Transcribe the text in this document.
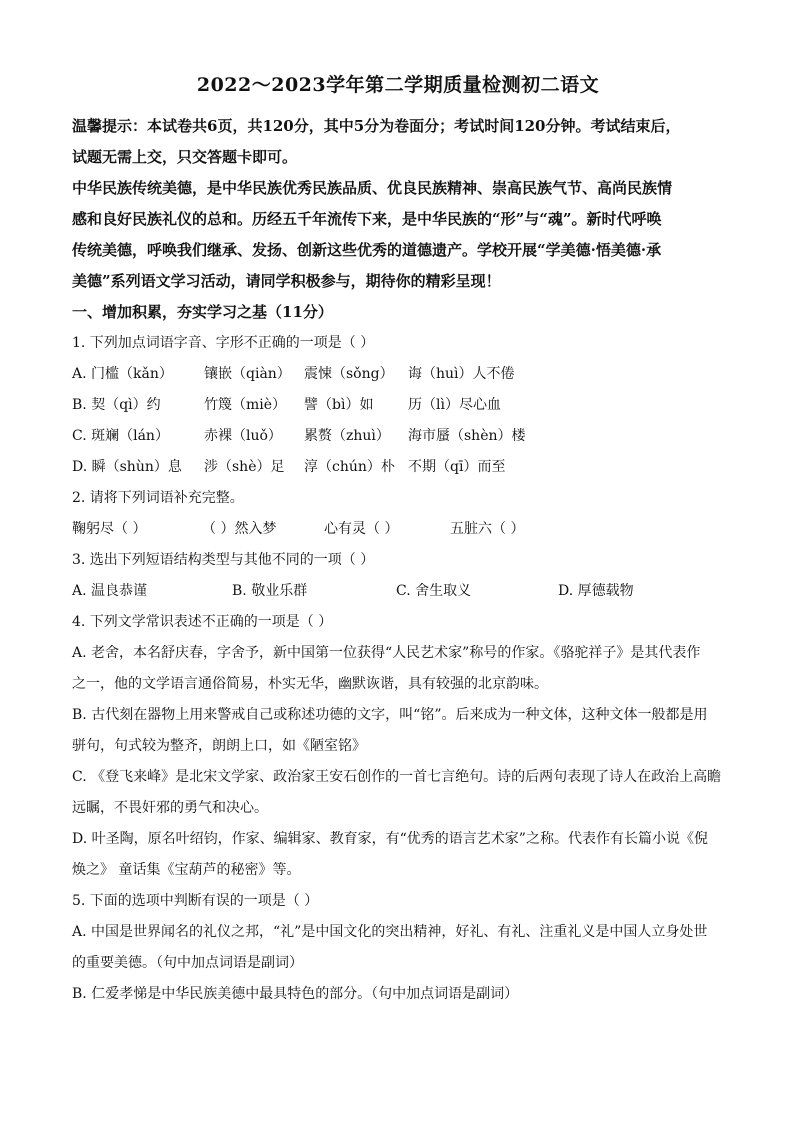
2022～2023学年第二学期质量检测初二语文

温馨提示：本试卷共6页，共120分，其中5分为卷面分；考试时间120分钟。考试结束后，

试题无需上交，只交答题卡即可。

中华民族传统美德，是中华民族优秀民族品质、优良民族精神、崇高民族气节、高尚民族情

感和良好民族礼仪的总和。历经五千年流传下来，是中华民族的“形”与“魂”。新时代呼唤

传统美德，呼唤我们继承、发扬、创新这些优秀的道德遗产。学校开展“学美德·悟美德·承

美德”系列语文学习活动，请同学积极参与，期待你的精彩呈现！

一、增加积累，夯实学习之基（11分）

1. 下列加点词语字音、字形不正确的一项是（ ）

A. 门槛（kǎn）	镶嵌（qiàn） 震悚（sǒng）	诲（huì）人不倦
B. 契（qì）约	竹篾（miè）	譬（bì）如	历（lì）尽心血
C. 斑斓（lán）	赤裸（luǒ）	累赘（zhuì）	海市蜃（shèn）楼
D. 瞬（shùn）息	涉（shè）足	淳（chún）朴 不期（qī）而至

2. 请将下列词语补充完整。

鞠躬尽（ ）	（ ）然入梦	心有灵（ ）	五脏六（ ）

3. 选出下列短语结构类型与其他不同的一项（ ）

A. 温良恭谨	B. 敬业乐群	C. 舍生取义	D. 厚德载物

4. 下列文学常识表述不正确的一项是（ ）

A. 老舍，本名舒庆春，字舍予，新中国第一位获得“人民艺术家”称号的作家。《骆驼祥子》是其代表作

之一，他的文学语言通俗简易，朴实无华，幽默诙谐，具有较强的北京韵味。

B. 古代刻在器物上用来警戒自己或称述功德的文字，叫“铭”。后来成为一种文体，这种文体一般都是用

骈句，句式较为整齐，朗朗上口，如《陋室铭》

C. 《登飞来峰》是北宋文学家、政治家王安石创作的一首七言绝句。诗的后两句表现了诗人在政治上高瞻

远瞩，不畏奸邪的勇气和决心。

D. 叶圣陶，原名叶绍钧，作家、编辑家、教育家，有“优秀的语言艺术家”之称。代表作有长篇小说《倪

焕之》 童话集《宝葫芦的秘密》等。

5. 下面的选项中判断有误的一项是（ ）

A. 中国是世界闻名的礼仪之邦，“礼”是中国文化的突出精神，好礼、有礼、注重礼义是中国人立身处世

的重要美德。（句中加点词语是副词）

B. 仁爱孝悌是中华民族美德中最具特色的部分。（句中加点词语是副词）
